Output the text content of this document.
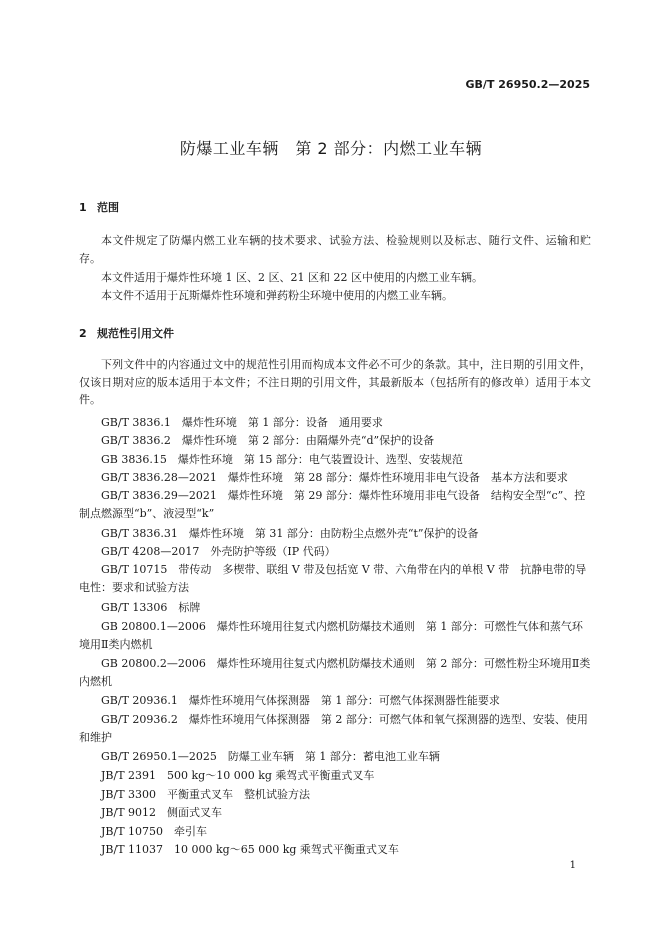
GB/T 26950.2—2025
防爆工业车辆　第 2 部分：内燃工业车辆
1 范围
本文件规定了防爆内燃工业车辆的技术要求、试验方法、检验规则以及标志、随行文件、运输和贮存。
本文件适用于爆炸性环境 1 区、2 区、21 区和 22 区中使用的内燃工业车辆。
本文件不适用于瓦斯爆炸性环境和弹药粉尘环境中使用的内燃工业车辆。
2 规范性引用文件
下列文件中的内容通过文中的规范性引用而构成本文件必不可少的条款。其中，注日期的引用文件，仅该日期对应的版本适用于本文件；不注日期的引用文件，其最新版本（包括所有的修改单）适用于本文件。
GB/T 3836.1　爆炸性环境　第 1 部分：设备　通用要求
GB/T 3836.2　爆炸性环境　第 2 部分：由隔爆外壳“d”保护的设备
GB 3836.15　爆炸性环境　第 15 部分：电气装置设计、选型、安装规范
GB/T 3836.28—2021　爆炸性环境　第 28 部分：爆炸性环境用非电气设备　基本方法和要求
GB/T 3836.29—2021　爆炸性环境　第 29 部分：爆炸性环境用非电气设备　结构安全型“c”、控制点燃源型“b”、液浸型“k”
GB/T 3836.31　爆炸性环境　第 31 部分：由防粉尘点燃外壳“t”保护的设备
GB/T 4208—2017　外壳防护等级（IP 代码）
GB/T 10715　带传动　多楔带、联组 V 带及包括宽 V 带、六角带在内的单根 V 带　抗静电带的导电性：要求和试验方法
GB/T 13306　标牌
GB 20800.1—2006　爆炸性环境用往复式内燃机防爆技术通则　第 1 部分：可燃性气体和蒸气环境用Ⅱ类内燃机
GB 20800.2—2006　爆炸性环境用往复式内燃机防爆技术通则　第 2 部分：可燃性粉尘环境用Ⅱ类内燃机
GB/T 20936.1　爆炸性环境用气体探测器　第 1 部分：可燃气体探测器性能要求
GB/T 20936.2　爆炸性环境用气体探测器　第 2 部分：可燃气体和氧气探测器的选型、安装、使用和维护
GB/T 26950.1—2025　防爆工业车辆　第 1 部分：蓄电池工业车辆
JB/T 2391　500 kg～10 000 kg 乘驾式平衡重式叉车
JB/T 3300　平衡重式叉车　整机试验方法
JB/T 9012　侧面式叉车
JB/T 10750　牵引车
JB/T 11037　10 000 kg～65 000 kg 乘驾式平衡重式叉车
1
